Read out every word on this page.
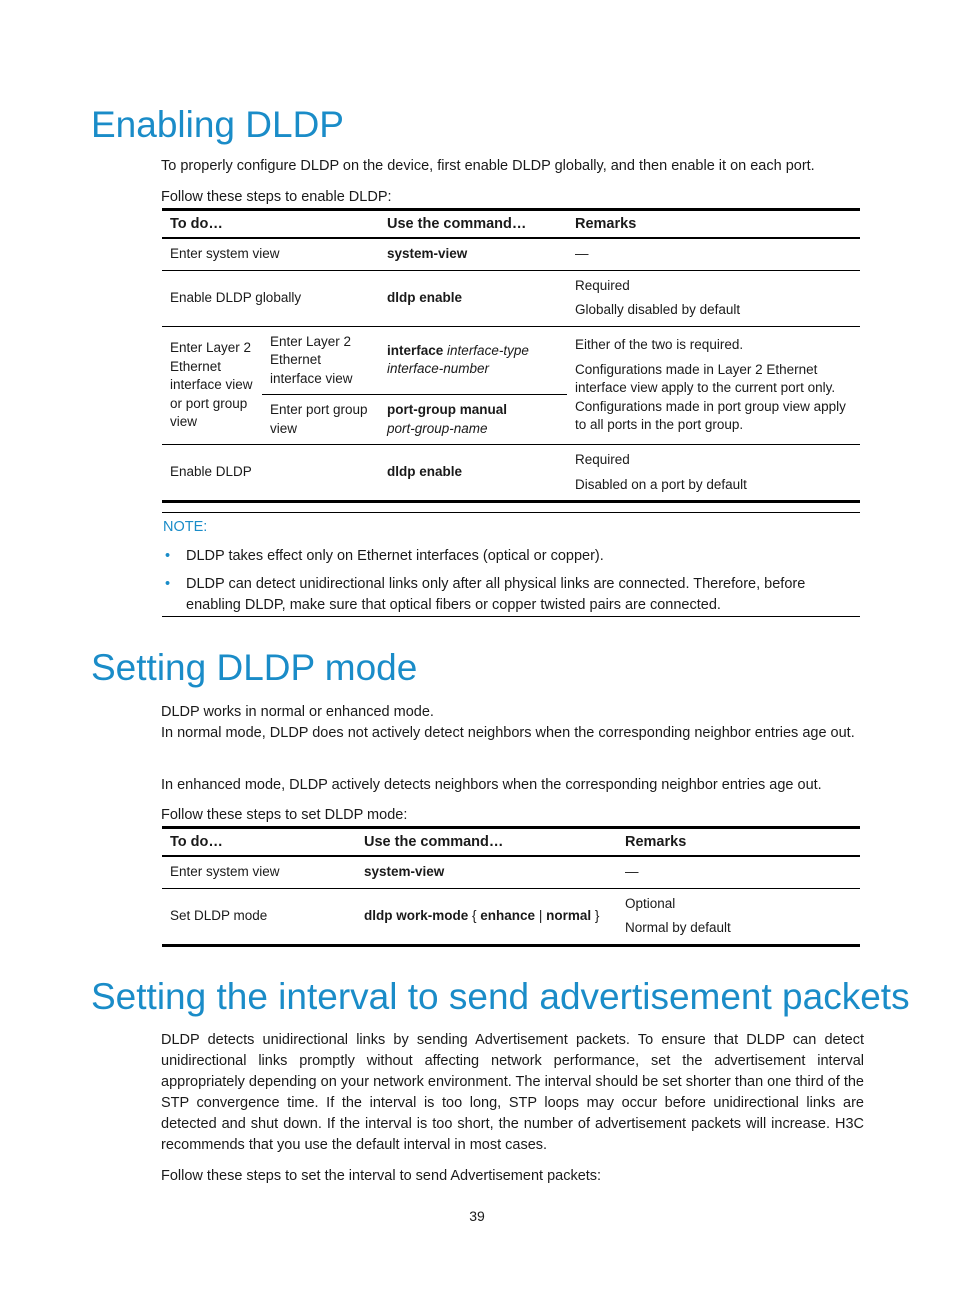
Enabling DLDP

To properly configure DLDP on the device, first enable DLDP globally, and then enable it on each port.

Follow these steps to enable DLDP:

To do…		Use the command…	Remarks
Enter system view		system-view	—
Enable DLDP globally		dldp enable	Required
Globally disabled by default

Enter Layer 2 Ethernet interface view or port group view	Enter Layer 2 Ethernet interface view	interface interface-type interface-number	Either of the two is required.
Configurations made in Layer 2 Ethernet interface view apply to the current port only. Configurations made in port group view apply to all ports in the port group.

	Enter port group view	port-group manual
port-group-name	
Enable DLDP		dldp enable	Required
Disabled on a port by default
NOTE:
• DLDP takes effect only on Ethernet interfaces (optical or copper).
• DLDP can detect unidirectional links only after all physical links are connected. Therefore, before enabling DLDP, make sure that optical fibers or copper twisted pairs are connected.
Setting DLDP mode

DLDP works in normal or enhanced mode.

In normal mode, DLDP does not actively detect neighbors when the corresponding neighbor entries age out.

In enhanced mode, DLDP actively detects neighbors when the corresponding neighbor entries age out.

Follow these steps to set DLDP mode:

To do…	Use the command…	Remarks
Enter system view	system-view	—
Set DLDP mode	dldp work-mode { enhance | normal }	Optional
Normal by default
Setting the interval to send advertisement packets

DLDP detects unidirectional links by sending Advertisement packets. To ensure that DLDP can detect unidirectional links promptly without affecting network performance, set the advertisement interval appropriately depending on your network environment. The interval should be set shorter than one third of the STP convergence time. If the interval is too long, STP loops may occur before unidirectional links are detected and shut down. If the interval is too short, the number of advertisement packets will increase. H3C recommends that you use the default interval in most cases.

Follow these steps to set the interval to send Advertisement packets:

39
